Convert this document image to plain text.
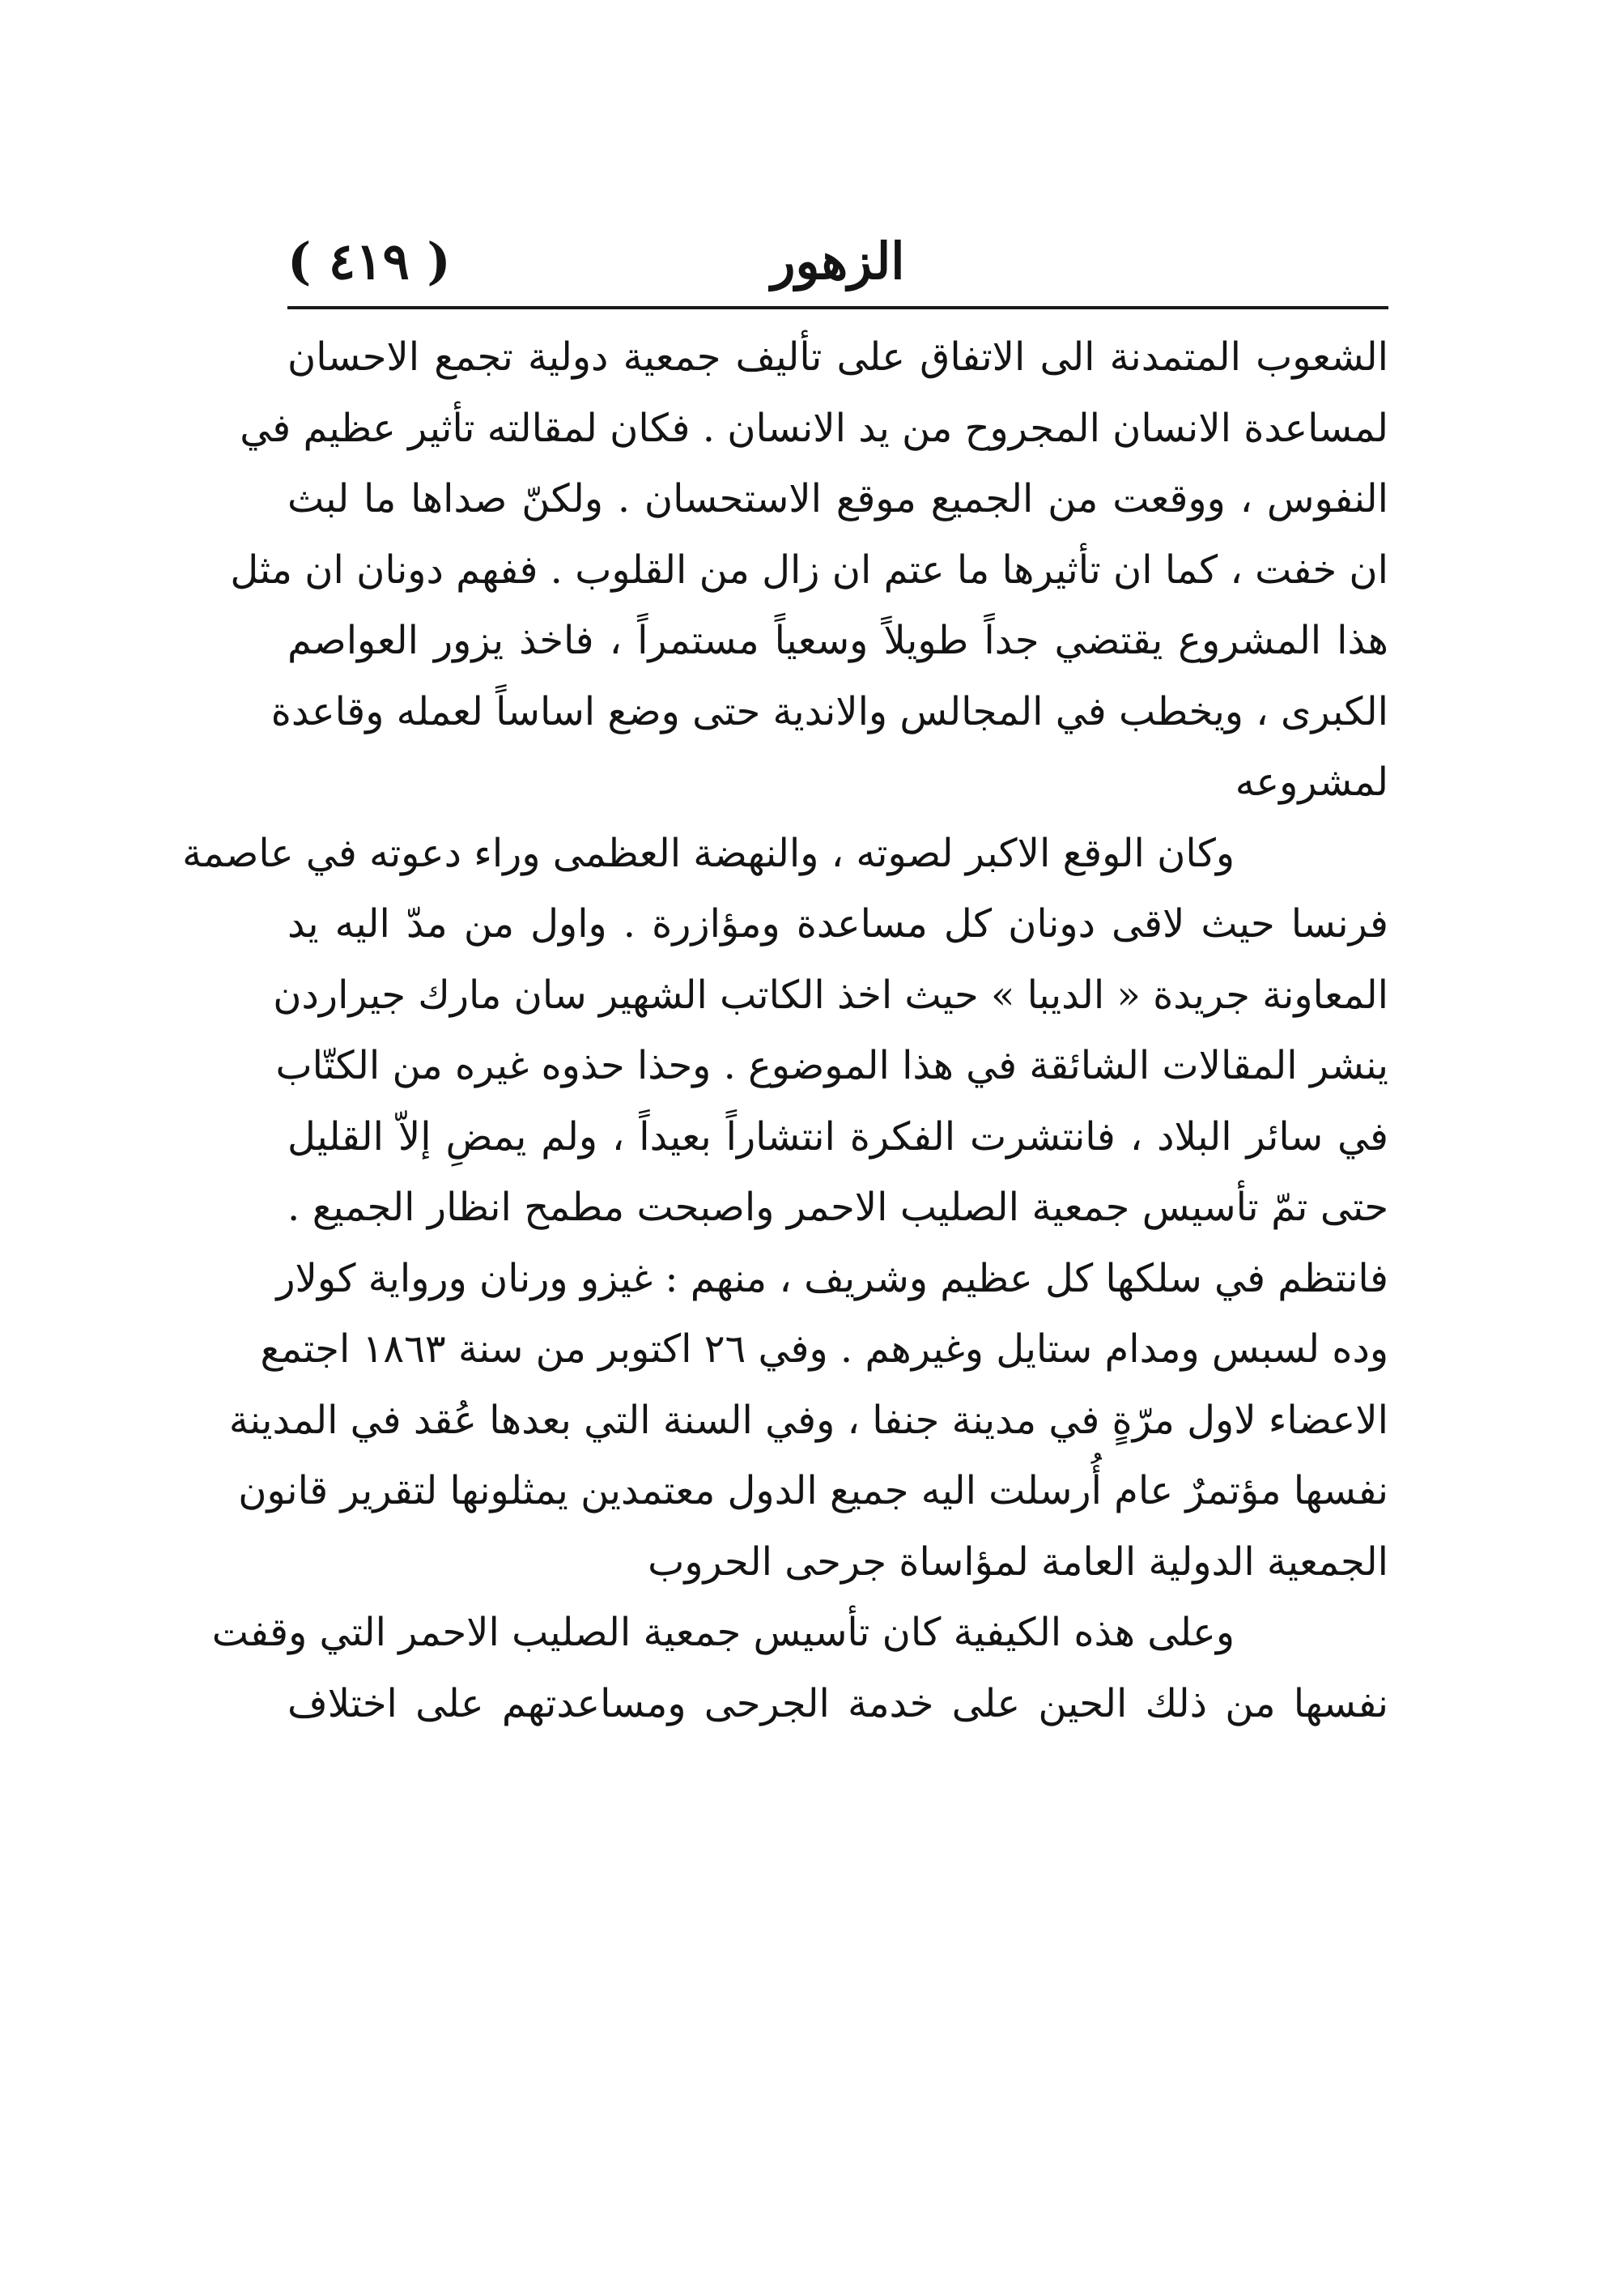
( ٤١٩ )	الزهور
الشعوب المتمدنة الى الاتفاق على تأليف جمعية دولية تجمع الاحسان
لمساعدة الانسان المجروح من يد الانسان . فكان لمقالته تأثير عظيم في
النفوس ، ووقعت من الجميع موقع الاستحسان . ولكنّ صداها ما لبث
ان خفت ، كما ان تأثيرها ما عتم ان زال من القلوب . ففهم دونان ان مثل
هذا المشروع يقتضي جداً طويلاً وسعياً مستمراً ، فاخذ يزور العواصم
الكبرى ، ويخطب في المجالس والاندية حتى وضع اساساً لعمله وقاعدة
لمشروعه
وكان الوقع الاكبر لصوته ، والنهضة العظمى وراء دعوته في عاصمة
فرنسا حيث لاقى دونان كل مساعدة ومؤازرة . واول من مدّ اليه يد
المعاونة جريدة « الديبا » حيث اخذ الكاتب الشهير سان مارك جيراردن
ينشر المقالات الشائقة في هذا الموضوع . وحذا حذوه غيره من الكتّاب
في سائر البلاد ، فانتشرت الفكرة انتشاراً بعيداً ، ولم يمضِ إلاّ القليل
حتى تمّ تأسيس جمعية الصليب الاحمر واصبحت مطمح انظار الجميع .
فانتظم في سلكها كل عظيم وشريف ، منهم : غيزو ورنان ورواية كولار
وده لسبس ومدام ستايل وغيرهم . وفي ٢٦ اكتوبر من سنة ١٨٦٣ اجتمع
الاعضاء لاول مرّةٍ في مدينة جنفا ، وفي السنة التي بعدها عُقد في المدينة
نفسها مؤتمرٌ عام أُرسلت اليه جميع الدول معتمدين يمثلونها لتقرير قانون
الجمعية الدولية العامة لمؤاساة جرحى الحروب
وعلى هذه الكيفية كان تأسيس جمعية الصليب الاحمر التي وقفت
نفسها من ذلك الحين على خدمة الجرحى ومساعدتهم على اختلاف
